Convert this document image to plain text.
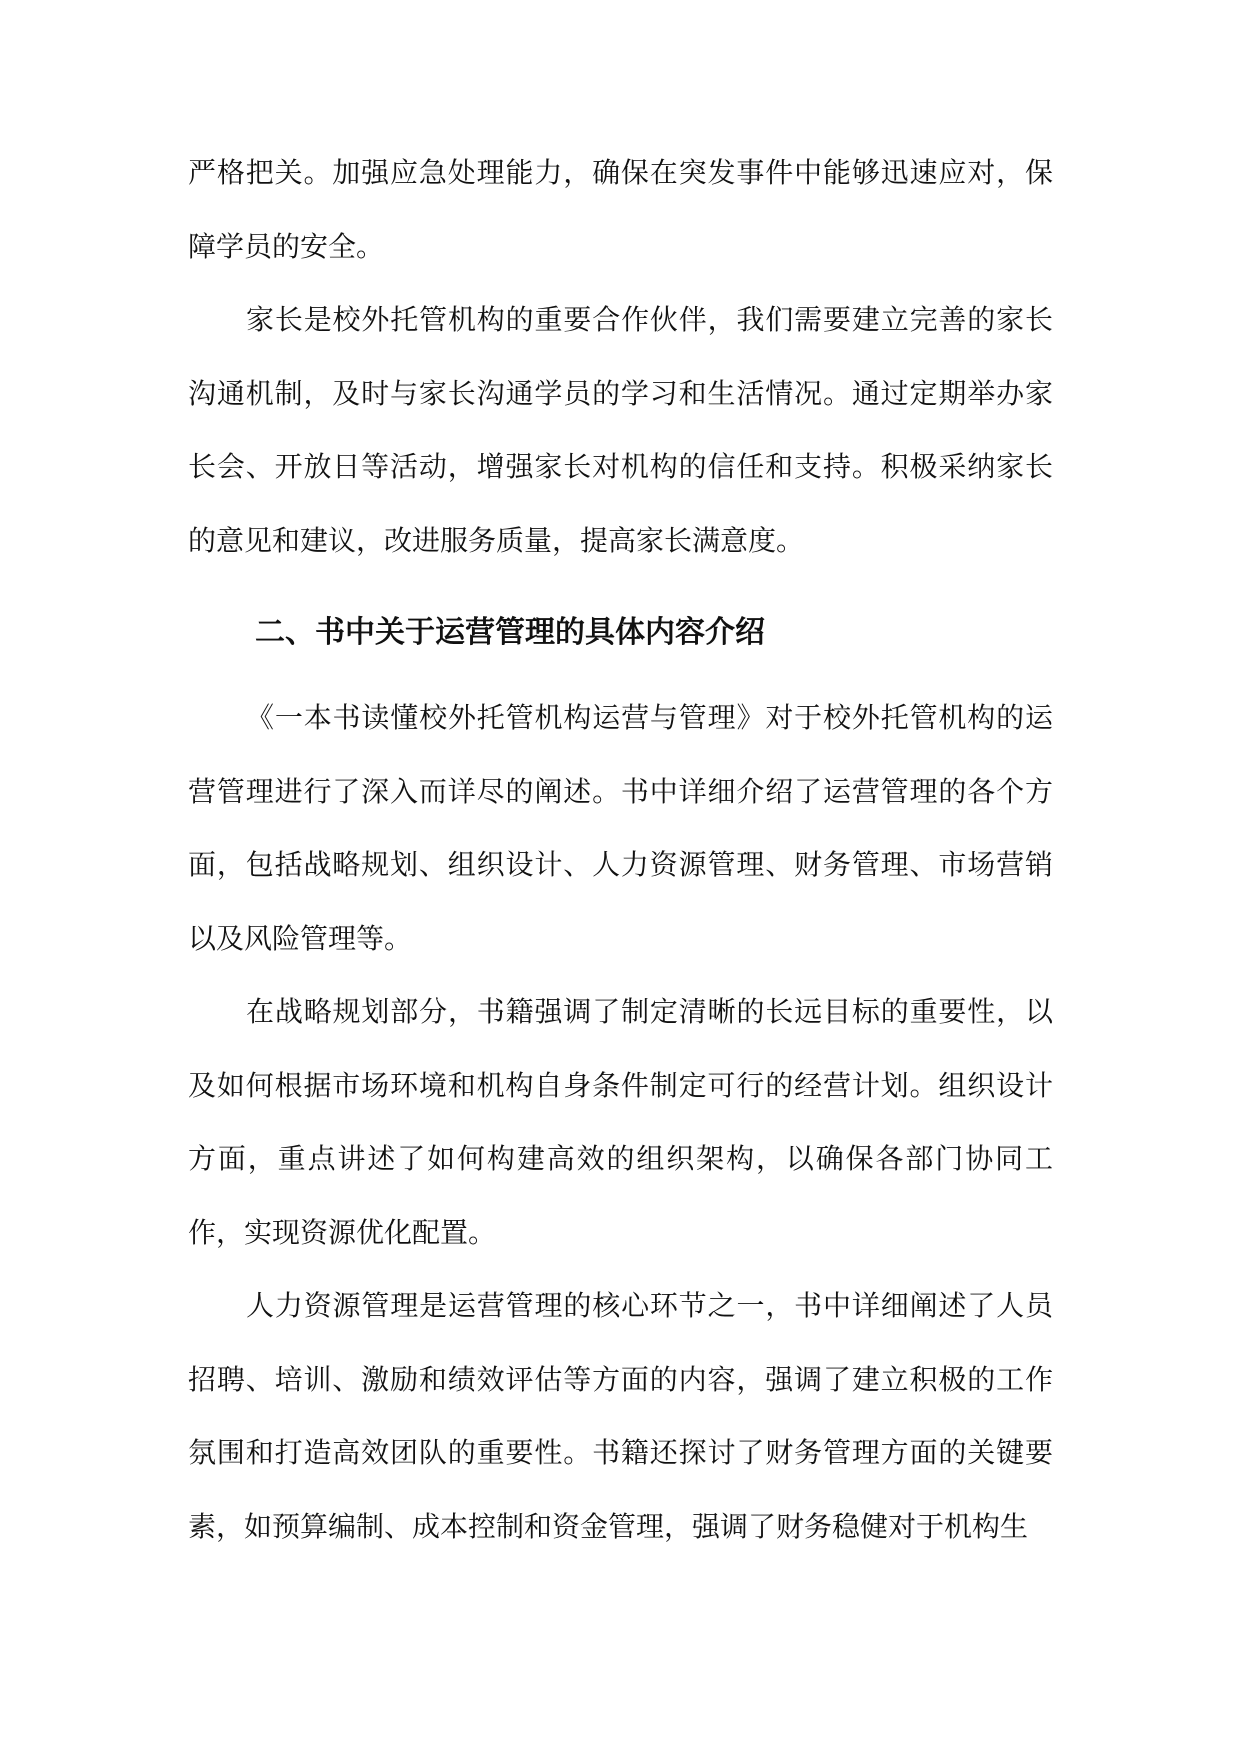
严格把关。加强应急处理能力，确保在突发事件中能够迅速应对，保障学员的安全。

家长是校外托管机构的重要合作伙伴，我们需要建立完善的家长沟通机制，及时与家长沟通学员的学习和生活情况。通过定期举办家长会、开放日等活动，增强家长对机构的信任和支持。积极采纳家长的意见和建议，改进服务质量，提高家长满意度。

二、书中关于运营管理的具体内容介绍

《一本书读懂校外托管机构运营与管理》对于校外托管机构的运营管理进行了深入而详尽的阐述。书中详细介绍了运营管理的各个方面，包括战略规划、组织设计、人力资源管理、财务管理、市场营销以及风险管理等。

在战略规划部分，书籍强调了制定清晰的长远目标的重要性，以及如何根据市场环境和机构自身条件制定可行的经营计划。组织设计方面，重点讲述了如何构建高效的组织架构，以确保各部门协同工作，实现资源优化配置。

人力资源管理是运营管理的核心环节之一，书中详细阐述了人员招聘、培训、激励和绩效评估等方面的内容，强调了建立积极的工作氛围和打造高效团队的重要性。书籍还探讨了财务管理方面的关键要素，如预算编制、成本控制和资金管理，强调了财务稳健对于机构生
